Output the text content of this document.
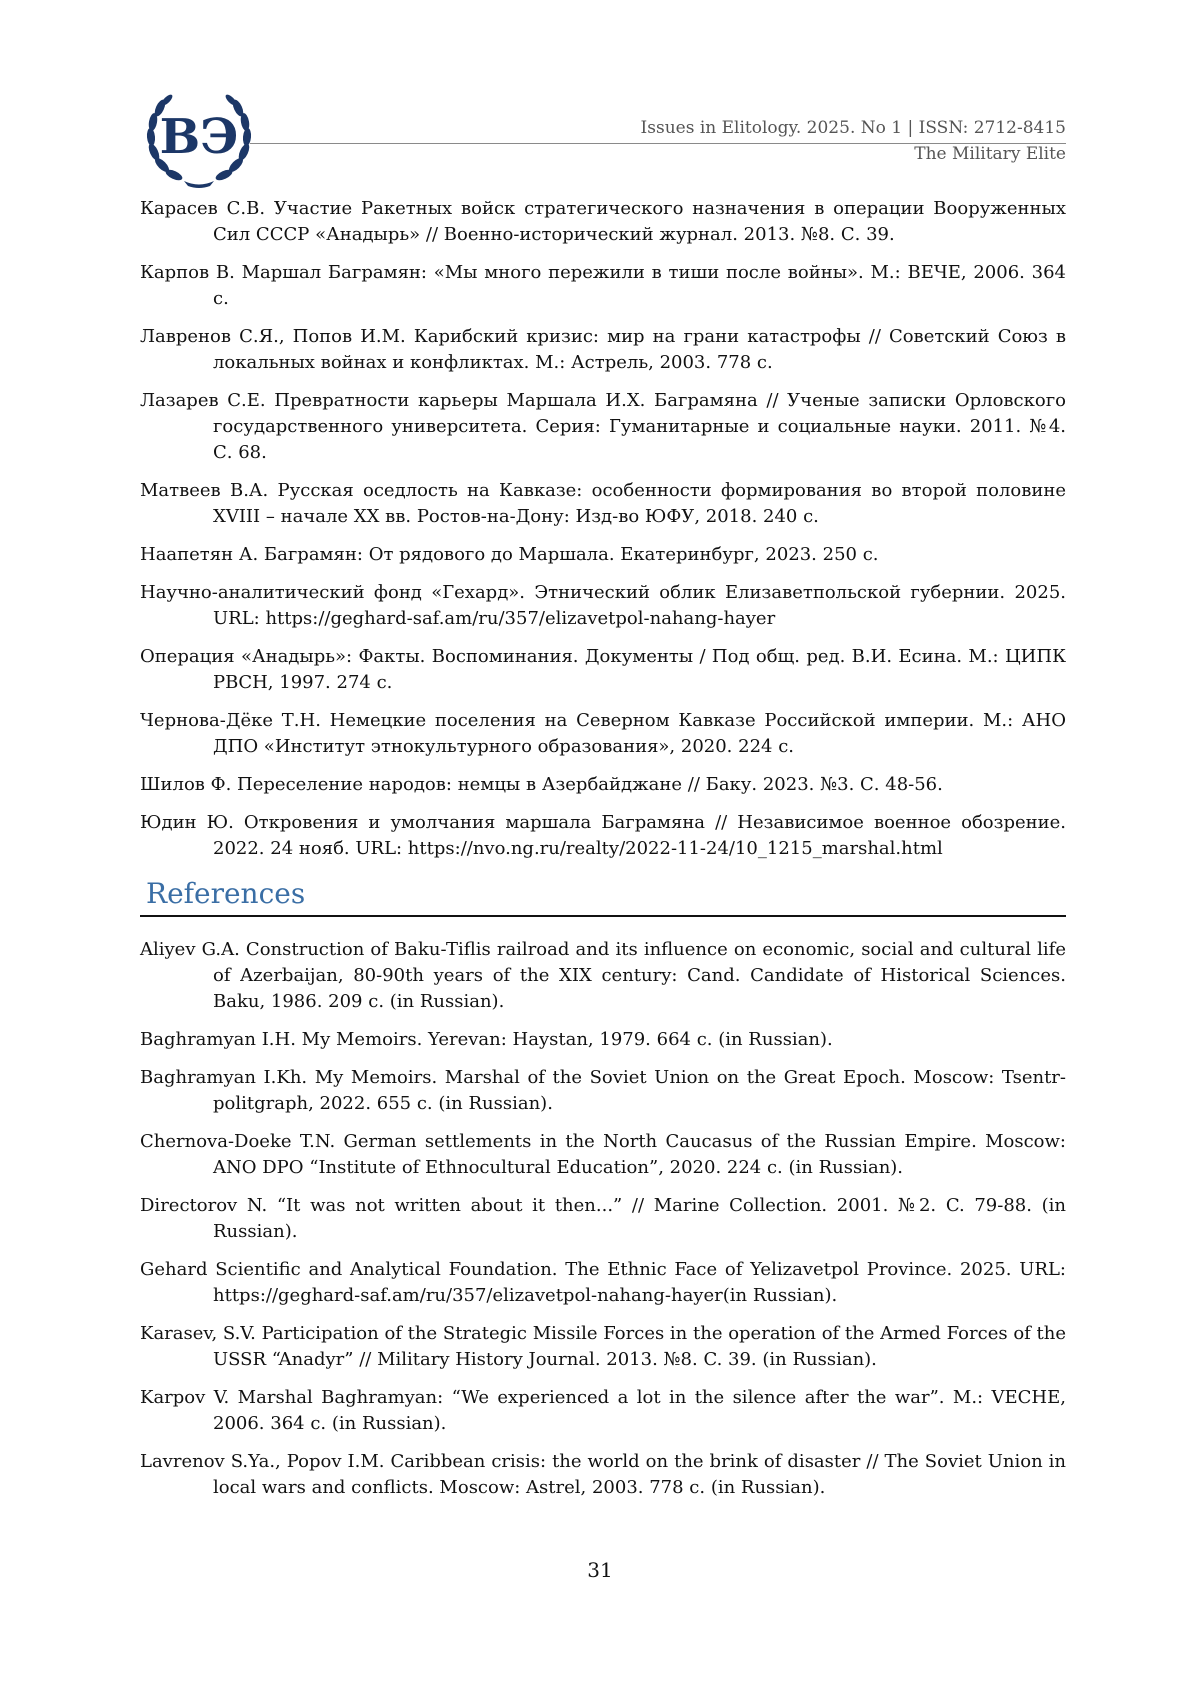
ВЭ	Issues in Elitology. 2025. No 1 | ISSN: 2712-8415
The Military Elite

Карасев С.В. Участие Ракетных войск стратегического назначения в операции Вооруженных Сил СССР «Анадырь» // Военно-исторический журнал. 2013. №8. С. 39.

Карпов В. Маршал Баграмян: «Мы много пережили в тиши после войны». М.: ВЕЧЕ, 2006. 364 с.

Лавренов С.Я., Попов И.М. Карибский кризис: мир на грани катастрофы // Советский Союз в локальных войнах и конфликтах. М.: Астрель, 2003. 778 с.

Лазарев С.Е. Превратности карьеры Маршала И.Х. Баграмяна // Ученые записки Орловского государственного университета. Серия: Гуманитарные и социальные науки. 2011. №4. С. 68.

Матвеев В.А. Русская оседлость на Кавказе: особенности формирования во второй половине XVIII – начале XX вв. Ростов-на-Дону: Изд-во ЮФУ, 2018. 240 с.

Наапетян А. Баграмян: От рядового до Маршала. Екатеринбург, 2023. 250 с.

Научно-аналитический фонд «Гехард». Этнический облик Елизаветпольской губернии. 2025. URL: https://geghard-saf.am/ru/357/elizavetpol-nahang-hayer

Операция «Анадырь»: Факты. Воспоминания. Документы / Под общ. ред. В.И. Есина. М.: ЦИПК РВСН, 1997. 274 с.

Чернова-Дёке Т.Н. Немецкие поселения на Северном Кавказе Российской империи. М.: АНО ДПО «Институт этнокультурного образования», 2020. 224 с.

Шилов Ф. Переселение народов: немцы в Азербайджане // Баку. 2023. №3. С. 48-56.

Юдин Ю. Откровения и умолчания маршала Баграмяна // Независимое военное обозрение. 2022. 24 нояб. URL: https://nvo.ng.ru/realty/2022-11-24/10_1215_marshal.html

References

Aliyev G.A. Construction of Baku-Tiflis railroad and its influence on economic, social and cultural life of Azerbaijan, 80-90th years of the XIX century: Cand. Candidate of Historical Sciences. Baku, 1986. 209 c. (in Russian).

Baghramyan I.H. My Memoirs. Yerevan: Haystan, 1979. 664 c. (in Russian).

Baghramyan I.Kh. My Memoirs. Marshal of the Soviet Union on the Great Epoch. Moscow: Tsentr-politgraph, 2022. 655 c. (in Russian).

Chernova-Doeke T.N. German settlements in the North Caucasus of the Russian Empire. Moscow: ANO DPO “Institute of Ethnocultural Education”, 2020. 224 c. (in Russian).

Directorov N. “It was not written about it then...” // Marine Collection. 2001. №2. C. 79-88. (in Russian).

Gehard Scientific and Analytical Foundation. The Ethnic Face of Yelizavetpol Province. 2025. URL: https://geghard-saf.am/ru/357/elizavetpol-nahang-hayer(in Russian).

Karasev, S.V. Participation of the Strategic Missile Forces in the operation of the Armed Forces of the USSR “Anadyr” // Military History Journal. 2013. №8. C. 39. (in Russian).

Karpov V. Marshal Baghramyan: “We experienced a lot in the silence after the war”. M.: VECHE, 2006. 364 c. (in Russian).

Lavrenov S.Ya., Popov I.M. Caribbean crisis: the world on the brink of disaster // The Soviet Union in local wars and conflicts. Moscow: Astrel, 2003. 778 c. (in Russian).

31
